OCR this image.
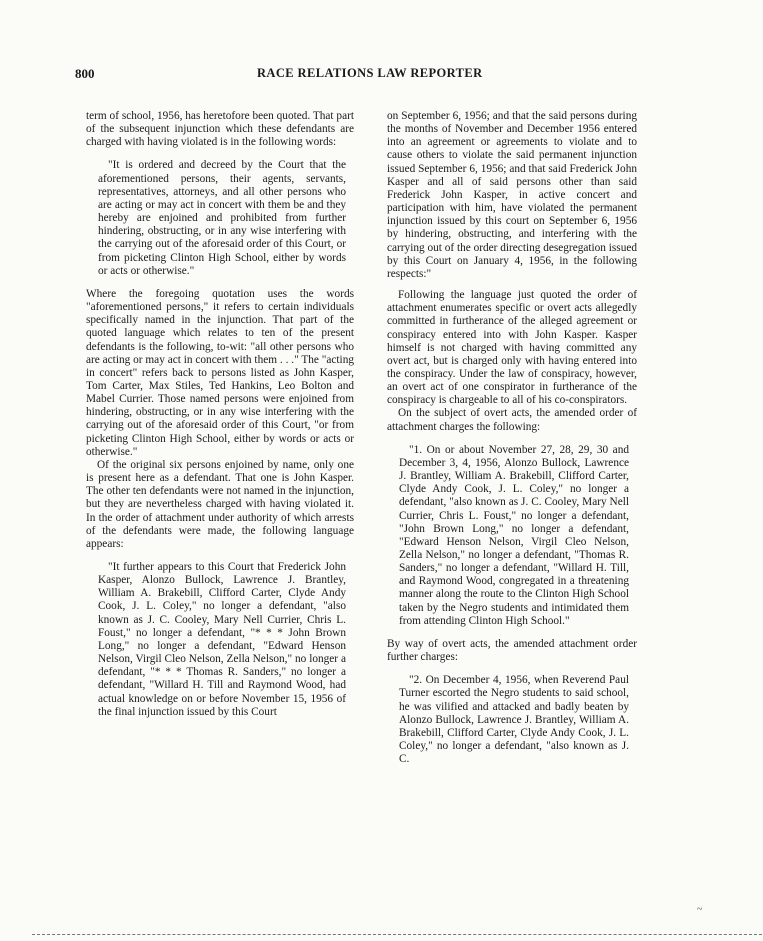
800	RACE RELATIONS LAW REPORTER

term of school, 1956, has heretofore been quoted. That part of the subsequent injunction which these defendants are charged with having violated is in the following words:

"It is ordered and decreed by the Court that the aforementioned persons, their agents, servants, representatives, attorneys, and all other persons who are acting or may act in concert with them be and they hereby are enjoined and prohibited from further hindering, obstructing, or in any wise interfering with the carrying out of the aforesaid order of this Court, or from picketing Clinton High School, either by words or acts or otherwise."

Where the foregoing quotation uses the words "aforementioned persons," it refers to certain individuals specifically named in the injunction. That part of the quoted language which relates to ten of the present defendants is the following, to-wit: "all other persons who are acting or may act in concert with them . . ." The "acting in concert" refers back to persons listed as John Kasper, Tom Carter, Max Stiles, Ted Hankins, Leo Bolton and Mabel Currier. Those named persons were enjoined from hindering, obstructing, or in any wise interfering with the carrying out of the aforesaid order of this Court, "or from picketing Clinton High School, either by words or acts or otherwise."

Of the original six persons enjoined by name, only one is present here as a defendant. That one is John Kasper. The other ten defendants were not named in the injunction, but they are nevertheless charged with having violated it. In the order of attachment under authority of which arrests of the defendants were made, the following language appears:

"It further appears to this Court that Frederick John Kasper, Alonzo Bullock, Lawrence J. Brantley, William A. Brakebill, Clifford Carter, Clyde Andy Cook, J. L. Coley," no longer a defendant, "also known as J. C. Cooley, Mary Nell Currier, Chris L. Foust," no longer a defendant, "* * * John Brown Long," no longer a defendant, "Edward Henson Nelson, Virgil Cleo Nelson, Zella Nelson," no longer a defendant, "* * * Thomas R. Sanders," no longer a defendant, "Willard H. Till and Raymond Wood, had actual knowledge on or before November 15, 1956 of the final injunction issued by this Court

on September 6, 1956; and that the said persons during the months of November and December 1956 entered into an agreement or agreements to violate and to cause others to violate the said permanent injunction issued September 6, 1956; and that said Frederick John Kasper and all of said persons other than said Frederick John Kasper, in active concert and participation with him, have violated the permanent injunction issued by this court on September 6, 1956 by hindering, obstructing, and interfering with the carrying out of the order directing desegregation issued by this Court on January 4, 1956, in the following respects:"

Following the language just quoted the order of attachment enumerates specific or overt acts allegedly committed in furtherance of the alleged agreement or conspiracy entered into with John Kasper. Kasper himself is not charged with having committed any overt act, but is charged only with having entered into the conspiracy. Under the law of conspiracy, however, an overt act of one conspirator in furtherance of the conspiracy is chargeable to all of his co-conspirators.

On the subject of overt acts, the amended order of attachment charges the following:

"1. On or about November 27, 28, 29, 30 and December 3, 4, 1956, Alonzo Bullock, Lawrence J. Brantley, William A. Brakebill, Clifford Carter, Clyde Andy Cook, J. L. Coley," no longer a defendant, "also known as J. C. Cooley, Mary Nell Currier, Chris L. Foust," no longer a defendant, "John Brown Long," no longer a defendant, "Edward Henson Nelson, Virgil Cleo Nelson, Zella Nelson," no longer a defendant, "Thomas R. Sanders," no longer a defendant, "Willard H. Till, and Raymond Wood, congregated in a threatening manner along the route to the Clinton High School taken by the Negro students and intimidated them from attending Clinton High School."

By way of overt acts, the amended attachment order further charges:

"2. On December 4, 1956, when Reverend Paul Turner escorted the Negro students to said school, he was vilified and attacked and badly beaten by Alonzo Bullock, Lawrence J. Brantley, William A. Brakebill, Clifford Carter, Clyde Andy Cook, J. L. Coley," no longer a defendant, "also known as J. C.

~
